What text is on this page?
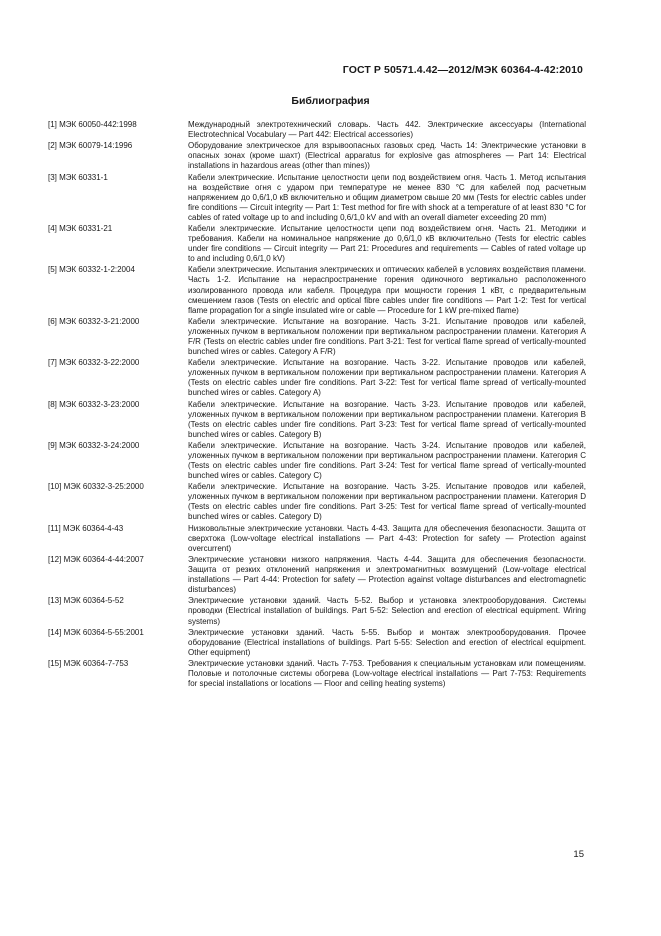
ГОСТ Р 50571.4.42—2012/МЭК 60364-4-42:2010
Библиография
[1] МЭК 60050-442:1998	Международный электротехнический словарь. Часть 442. Электрические аксессуары (International Electrotechnical Vocabulary — Part 442: Electrical accessories)
[2] МЭК 60079-14:1996	Оборудование электрическое для взрывоопасных газовых сред. Часть 14: Электрические установки в опасных зонах (кроме шахт) (Electrical apparatus for explosive gas atmospheres — Part 14: Electrical installations in hazardous areas (other than mines))
[3] МЭК 60331-1	Кабели электрические. Испытание целостности цепи под воздействием огня. Часть 1. Метод испытания на воздействие огня с ударом при температуре не менее 830 °С для кабелей под расчетным напряжением до 0,6/1,0 кВ включительно и общим диаметром свыше 20 мм (Tests for electric cables under fire conditions — Circuit integrity — Part 1: Test method for fire with shock at a temperature of at least 830 °C for cables of rated voltage up to and including 0,6/1,0 kV and with an overall diameter exceeding 20 mm)
[4] МЭК 60331-21	Кабели электрические. Испытание целостности цепи под воздействием огня. Часть 21. Методики и требования. Кабели на номинальное напряжение до 0,6/1,0 кВ включительно (Tests for electric cables under fire conditions — Circuit integrity — Part 21: Procedures and requirements — Cables of rated voltage up to and including 0,6/1,0 kV)
[5] МЭК 60332-1-2:2004	Кабели электрические. Испытания электрических и оптических кабелей в условиях воздействия пламени. Часть 1-2. Испытание на нераспространение горения одиночного вертикально расположенного изолированного провода или кабеля. Процедура при мощности горения 1 кВт, с предварительным смешением газов (Tests on electric and optical fibre cables under fire conditions — Part 1-2: Test for vertical flame propagation for a single insulated wire or cable — Procedure for 1 kW pre-mixed flame)
[6] МЭК 60332-3-21:2000	Кабели электрические. Испытание на возгорание. Часть 3-21. Испытание проводов или кабелей, уложенных пучком в вертикальном положении при вертикальном распространении пламени. Категория A F/R (Tests on electric cables under fire conditions. Part 3-21: Test for vertical flame spread of vertically-mounted bunched wires or cables. Category A F/R)
[7] МЭК 60332-3-22:2000	Кабели электрические. Испытание на возгорание. Часть 3-22. Испытание проводов или кабелей, уложенных пучком в вертикальном положении при вертикальном распространении пламени. Категория А (Tests on electric cables under fire conditions. Part 3-22: Test for vertical flame spread of vertically-mounted bunched wires or cables. Category A)
[8] МЭК 60332-3-23:2000	Кабели электрические. Испытание на возгорание. Часть 3-23. Испытание проводов или кабелей, уложенных пучком в вертикальном положении при вертикальном распространении пламени. Категория В (Tests on electric cables under fire conditions. Part 3-23: Test for vertical flame spread of vertically-mounted bunched wires or cables. Category B)
[9] МЭК 60332-3-24:2000	Кабели электрические. Испытание на возгорание. Часть 3-24. Испытание проводов или кабелей, уложенных пучком в вертикальном положении при вертикальном распространении пламени. Категория С (Tests on electric cables under fire conditions. Part 3-24: Test for vertical flame spread of vertically-mounted bunched wires or cables. Category C)
[10] МЭК 60332-3-25:2000	Кабели электрические. Испытание на возгорание. Часть 3-25. Испытание проводов или кабелей, уложенных пучком в вертикальном положении при вертикальном распространении пламени. Категория D (Tests on electric cables under fire conditions. Part 3-25: Test for vertical flame spread of vertically-mounted bunched wires or cables. Category D)
[11] МЭК 60364-4-43	Низковольтные электрические установки. Часть 4-43. Защита для обеспечения безопасности. Защита от сверхтока (Low-voltage electrical installations — Part 4-43: Protection for safety — Protection against overcurrent)
[12] МЭК 60364-4-44:2007	Электрические установки низкого напряжения. Часть 4-44. Защита для обеспечения безопасности. Защита от резких отклонений напряжения и электромагнитных возмущений (Low-voltage electrical installations — Part 4-44: Protection for safety — Protection against voltage disturbances and electromagnetic disturbances)
[13] МЭК 60364-5-52	Электрические установки зданий. Часть 5-52. Выбор и установка электрооборудования. Системы проводки (Electrical installation of buildings. Part 5-52: Selection and erection of electrical equipment. Wiring systems)
[14] МЭК 60364-5-55:2001	Электрические установки зданий. Часть 5-55. Выбор и монтаж электрооборудования. Прочее оборудование (Electrical installations of buildings. Part 5-55: Selection and erection of electrical equipment. Other equipment)
[15] МЭК 60364-7-753	Электрические установки зданий. Часть 7-753. Требования к специальным установкам или помещениям. Половые и потолочные системы обогрева (Low-voltage electrical installations — Part 7-753: Requirements for special installations or locations — Floor and ceiling heating systems)
15
